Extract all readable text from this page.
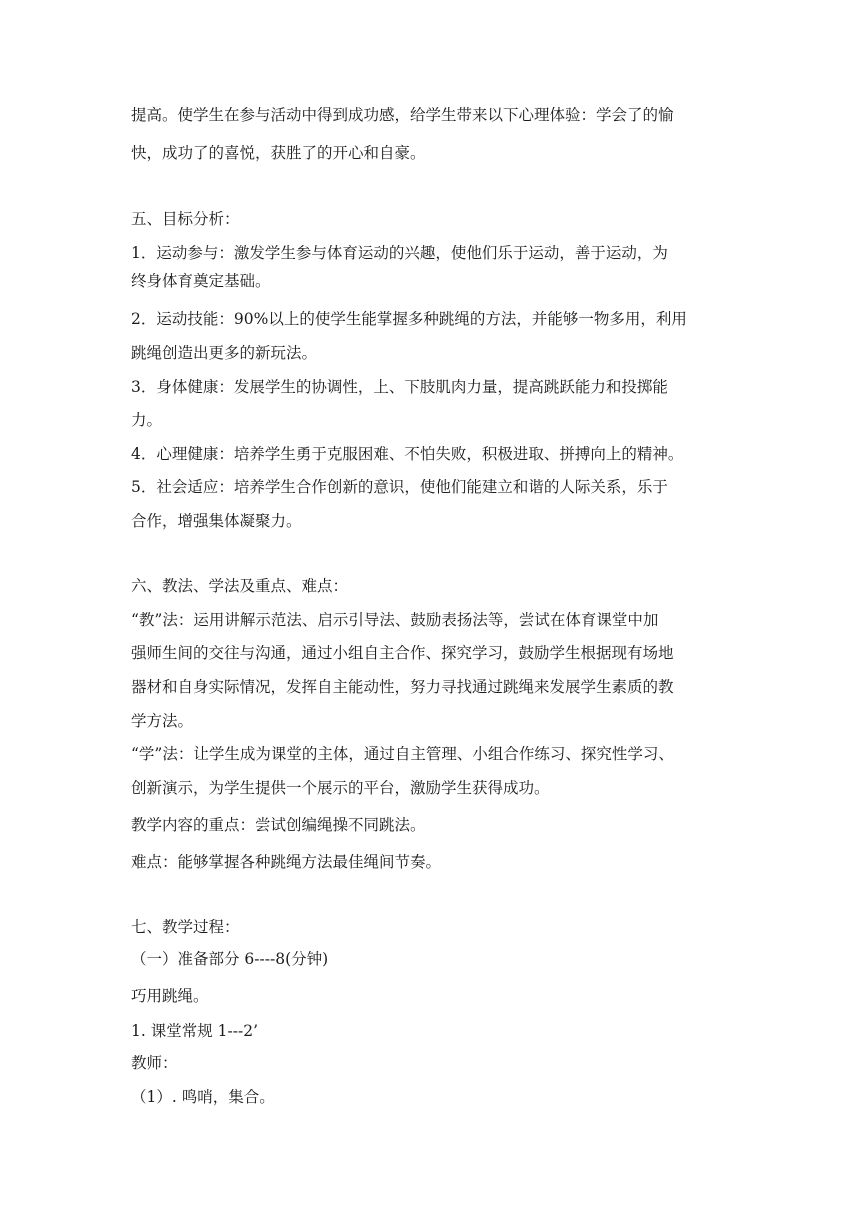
提高。使学生在参与活动中得到成功感，给学生带来以下心理体验：学会了的愉
快，成功了的喜悦，获胜了的开心和自豪。
五、目标分析：
1．运动参与：激发学生参与体育运动的兴趣，使他们乐于运动，善于运动，为
终身体育奠定基础。
2．运动技能：90%以上的使学生能掌握多种跳绳的方法，并能够一物多用，利用
跳绳创造出更多的新玩法。
3．身体健康：发展学生的协调性，上、下肢肌肉力量，提高跳跃能力和投掷能
力。
4．心理健康：培养学生勇于克服困难、不怕失败，积极进取、拼搏向上的精神。
5．社会适应：培养学生合作创新的意识，使他们能建立和谐的人际关系，乐于
合作，增强集体凝聚力。
六、教法、学法及重点、难点：
“教”法：运用讲解示范法、启示引导法、鼓励表扬法等，尝试在体育课堂中加
强师生间的交往与沟通，通过小组自主合作、探究学习，鼓励学生根据现有场地
器材和自身实际情况，发挥自主能动性，努力寻找通过跳绳来发展学生素质的教
学方法。
“学”法：让学生成为课堂的主体，通过自主管理、小组合作练习、探究性学习、
创新演示，为学生提供一个展示的平台，激励学生获得成功。
教学内容的重点：尝试创编绳操不同跳法。
难点：能够掌握各种跳绳方法最佳绳间节奏。
七、教学过程：
（一）准备部分 6----8(分钟)
巧用跳绳。
1. 课堂常规 1---2’
教师：
（1）. 鸣哨，集合。
